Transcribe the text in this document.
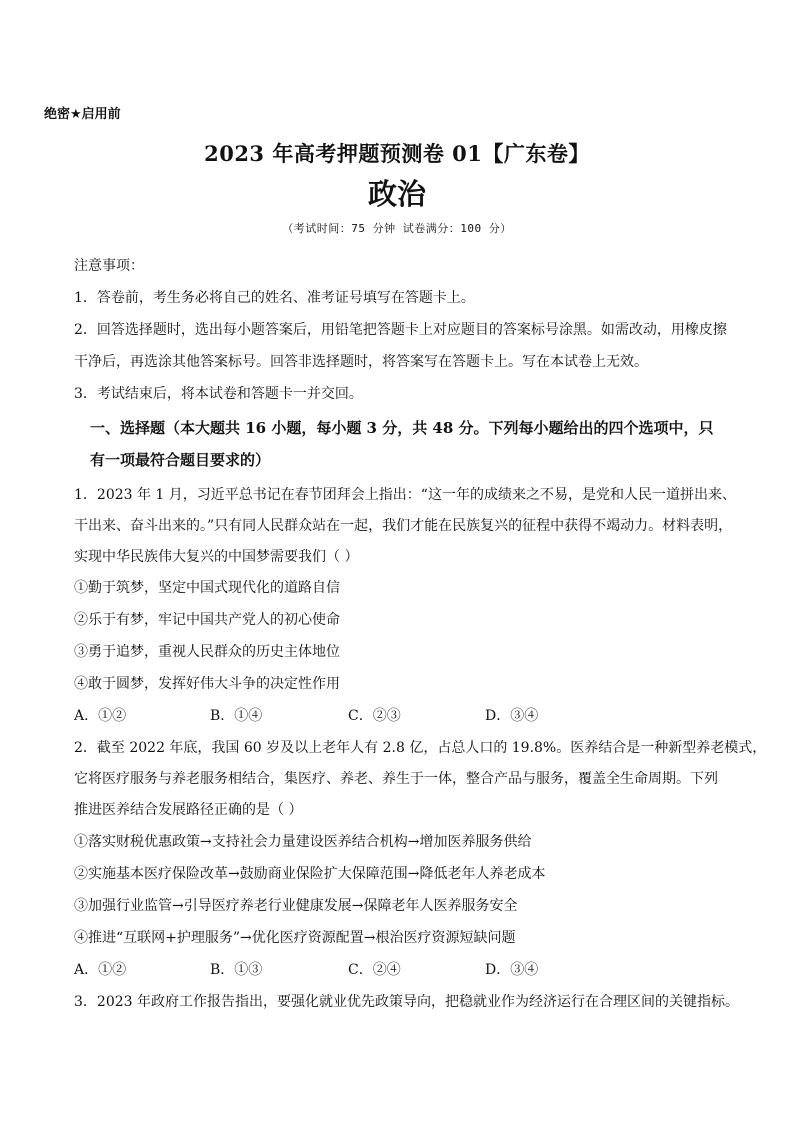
绝密★启用前
2023 年高考押题预测卷 01【广东卷】
政治
（考试时间：75 分钟 试卷满分：100 分）
注意事项：
1．答卷前，考生务必将自己的姓名、准考证号填写在答题卡上。
2．回答选择题时，选出每小题答案后，用铅笔把答题卡上对应题目的答案标号涂黑。如需改动，用橡皮擦
干净后，再选涂其他答案标号。回答非选择题时，将答案写在答题卡上。写在本试卷上无效。
3．考试结束后，将本试卷和答题卡一并交回。
一、选择题（本大题共 16 小题，每小题 3 分，共 48 分。下列每小题给出的四个选项中，只
有一项最符合题目要求的）
1．2023 年 1 月，习近平总书记在春节团拜会上指出：“这一年的成绩来之不易，是党和人民一道拼出来、
干出来、奋斗出来的。”只有同人民群众站在一起，我们才能在民族复兴的征程中获得不竭动力。材料表明，
实现中华民族伟大复兴的中国梦需要我们（ ）
①勤于筑梦，坚定中国式现代化的道路自信
②乐于有梦，牢记中国共产党人的初心使命
③勇于追梦，重视人民群众的历史主体地位
④敢于圆梦，发挥好伟大斗争的决定性作用
A．①②	B．①④	C．②③	D．③④
2．截至 2022 年底，我国 60 岁及以上老年人有 2.8 亿，占总人口的 19.8%。医养结合是一种新型养老模式，
它将医疗服务与养老服务相结合，集医疗、养老、养生于一体，整合产品与服务，覆盖全生命周期。下列
推进医养结合发展路径正确的是（ ）
①落实财税优惠政策→支持社会力量建设医养结合机构→增加医养服务供给
②实施基本医疗保险改革→鼓励商业保险扩大保障范围→降低老年人养老成本
③加强行业监管→引导医疗养老行业健康发展→保障老年人医养服务安全
④推进“互联网+护理服务”→优化医疗资源配置→根治医疗资源短缺问题
A．①②	B．①③	C．②④	D．③④
3．2023 年政府工作报告指出，要强化就业优先政策导向，把稳就业作为经济运行在合理区间的关键指标。
